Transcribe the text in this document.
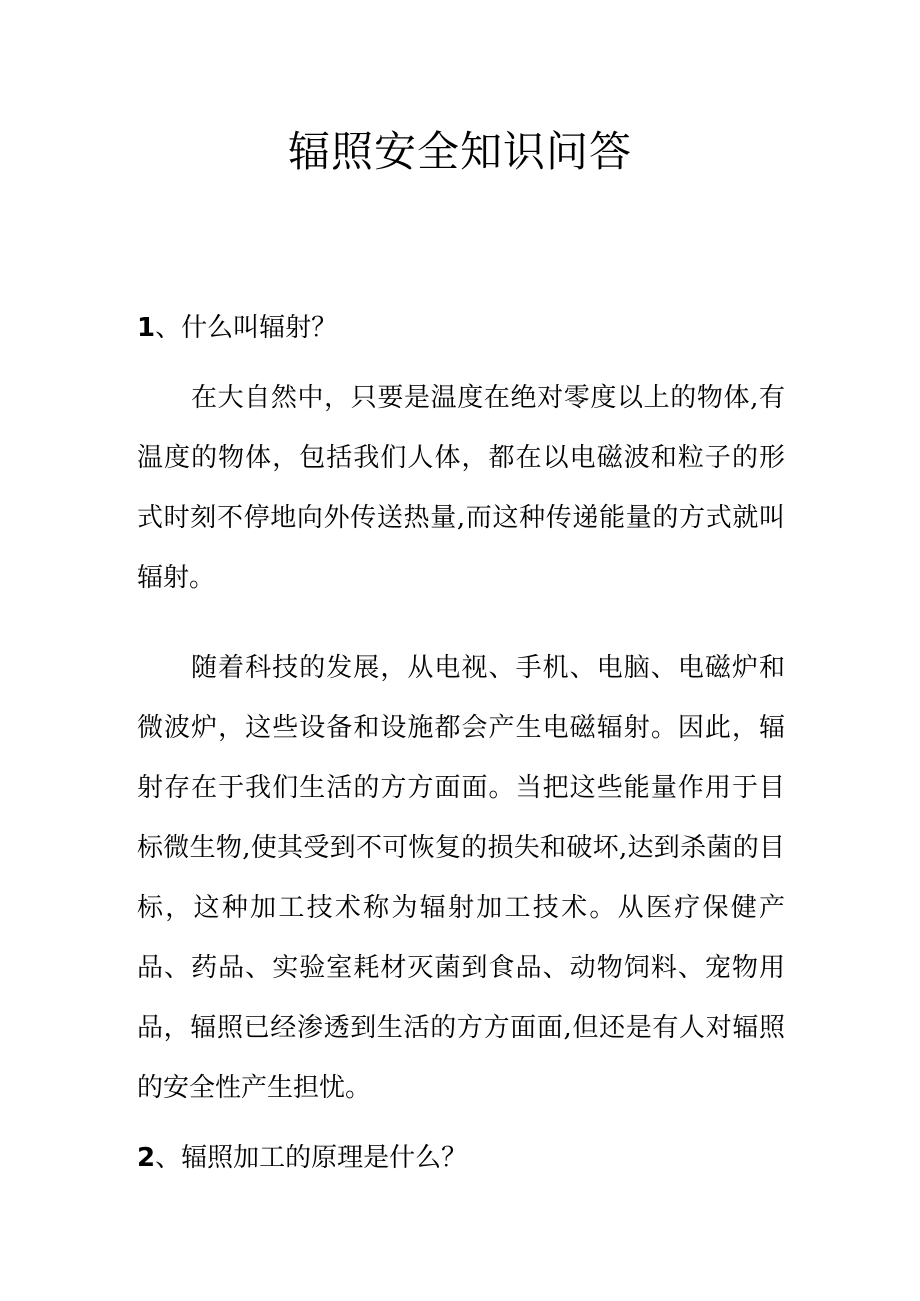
辐照安全知识问答

1、什么叫辐射？

在大自然中，只要是温度在绝对零度以上的物体,有温度的物体，包括我们人体，都在以电磁波和粒子的形式时刻不停地向外传送热量,而这种传递能量的方式就叫辐射。

随着科技的发展，从电视、手机、电脑、电磁炉和微波炉，这些设备和设施都会产生电磁辐射。因此，辐射存在于我们生活的方方面面。当把这些能量作用于目标微生物,使其受到不可恢复的损失和破坏,达到杀菌的目标，这种加工技术称为辐射加工技术。从医疗保健产品、药品、实验室耗材灭菌到食品、动物饲料、宠物用品，辐照已经渗透到生活的方方面面,但还是有人对辐照的安全性产生担忧。

2、辐照加工的原理是什么？
